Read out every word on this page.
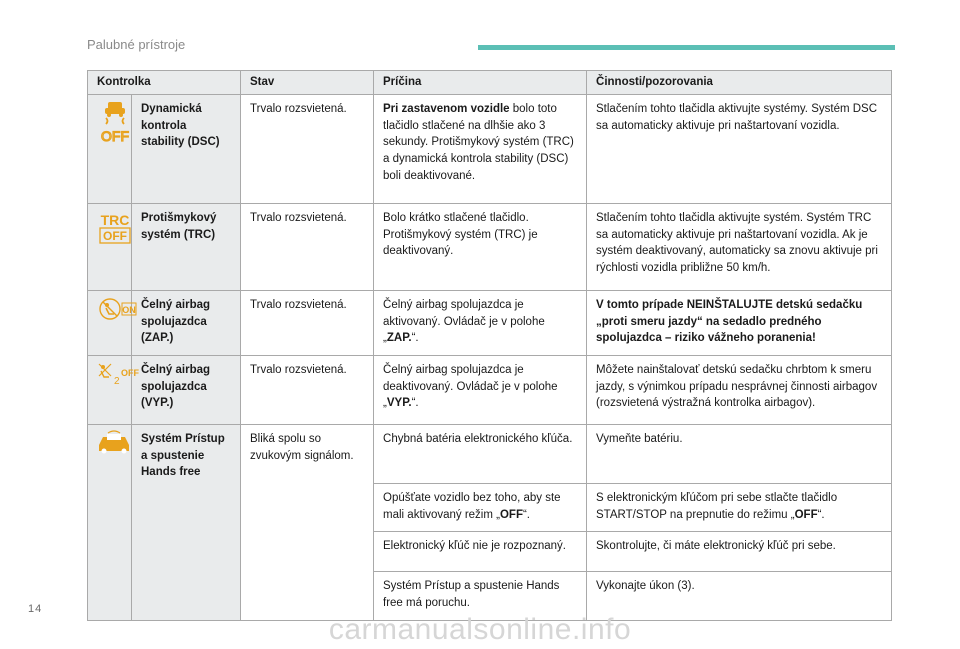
Palubné prístroje
Kontrolka		Stav	Príčina	Činnosti/pozorovania

OFF	Dynamická kontrola stability (DSC)	Trvalo rozsvietená.	Pri zastavenom vozidle bolo toto tlačidlo stlačené na dlhšie ako 3 sekundy. Protišmykový systém (TRC) a dynamická kontrola stability (DSC) boli deaktivované.	Stlačením tohto tlačidla aktivujte systémy. Systém DSC sa automaticky aktivuje pri naštartovaní vozidla.

TRC
OFF	Protišmykový systém (TRC)	Trvalo rozsvietená.	Bolo krátko stlačené tlačidlo. Protišmykový systém (TRC) je deaktivovaný.	Stlačením tohto tlačidla aktivujte systém. Systém TRC sa automaticky aktivuje pri naštartovaní vozidla. Ak je systém deaktivovaný, automaticky sa znovu aktivuje pri rýchlosti vozidla približne 50 km/h.

ON	Čelný airbag spolujazdca (ZAP.)	Trvalo rozsvietená.	Čelný airbag spolujazdca je aktivovaný. Ovládač je v polohe „ZAP.“.	V tomto prípade NEINŠTALUJTE detskú sedačku „proti smeru jazdy“ na sedadlo predného spolujazdca – riziko vážneho poranenia!

2
OFF	Čelný airbag spolujazdca (VYP.)	Trvalo rozsvietená.	Čelný airbag spolujazdca je deaktivovaný. Ovládač je v polohe „VYP.“.	Môžete nainštalovať detskú sedačku chrbtom k smeru jazdy, s výnimkou prípadu nesprávnej činnosti airbagov (rozsvietená výstražná kontrolka airbagov).

	Systém Prístup a spustenie Hands free	Bliká spolu so zvukovým signálom.	Chybná batéria elektronického kľúča.	Vymeňte batériu.
			Opúšťate vozidlo bez toho, aby ste mali aktivovaný režim „OFF“.	S elektronickým kľúčom pri sebe stlačte tlačidlo START/STOP na prepnutie do režimu „OFF“.
			Elektronický kľúč nie je rozpoznaný.	Skontrolujte, či máte elektronický kľúč pri sebe.
			Systém Prístup a spustenie Hands free má poruchu.	Vykonajte úkon (3).
14
carmanualsonline.info
